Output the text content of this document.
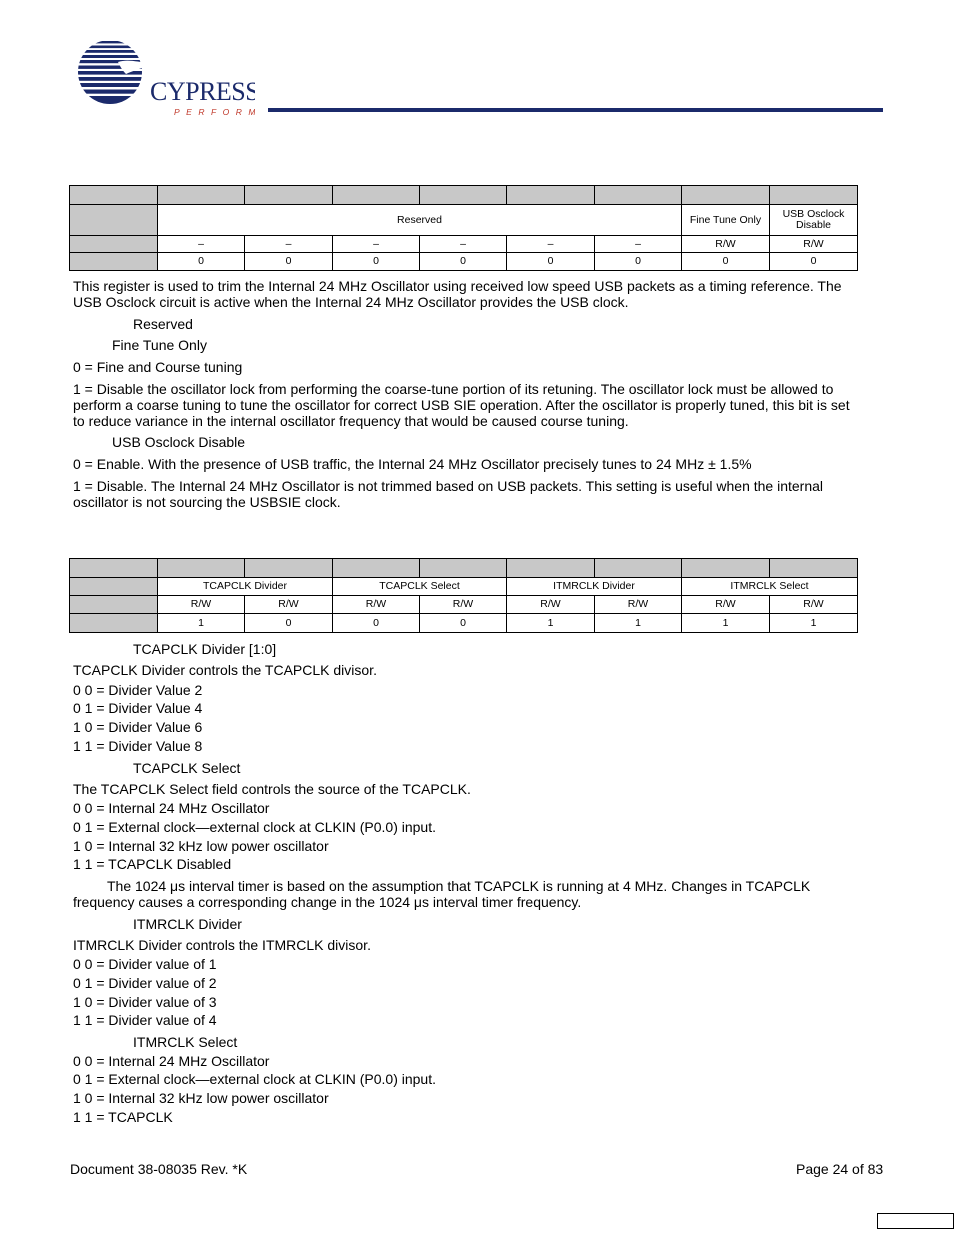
CYPRESS
PERFORM

	Reserved						Fine Tune Only	USB Osclock Disable
	–	–	–	–	–	–	R/W	R/W
	0	0	0	0	0	0	0	0
This register is used to trim the Internal 24 MHz Oscillator using received low speed USB packets as a timing reference. The USB Osclock circuit is active when the Internal 24 MHz Oscillator provides the USB clock.
Reserved
Fine Tune Only
0 = Fine and Course tuning
1 = Disable the oscillator lock from performing the coarse-tune portion of its retuning. The oscillator lock must be allowed to perform a coarse tuning to tune the oscillator for correct USB SIE operation. After the oscillator is properly tuned, this bit is set to reduce variance in the internal oscillator frequency that would be caused course tuning.
USB Osclock Disable
0 = Enable. With the presence of USB traffic, the Internal 24 MHz Oscillator precisely tunes to 24 MHz ± 1.5%
1 = Disable. The Internal 24 MHz Oscillator is not trimmed based on USB packets. This setting is useful when the internal oscillator is not sourcing the USBSIE clock.

	TCAPCLK Divider		TCAPCLK Select		ITMRCLK Divider		ITMRCLK Select	
	R/W	R/W	R/W	R/W	R/W	R/W	R/W	R/W
	1	0	0	0	1	1	1	1
TCAPCLK Divider [1:0]
TCAPCLK Divider controls the TCAPCLK divisor.
0 0 = Divider Value 2
0 1 = Divider Value 4
1 0 = Divider Value 6
1 1 = Divider Value 8
TCAPCLK Select
The TCAPCLK Select field controls the source of the TCAPCLK.
0 0 = Internal 24 MHz Oscillator
0 1 = External clock—external clock at CLKIN (P0.0) input.
1 0 = Internal 32 kHz low power oscillator
1 1 = TCAPCLK Disabled
The 1024 μs interval timer is based on the assumption that TCAPCLK is running at 4 MHz. Changes in TCAPCLK frequency causes a corresponding change in the 1024 μs interval timer frequency.
ITMRCLK Divider
ITMRCLK Divider controls the ITMRCLK divisor.
0 0 = Divider value of 1
0 1 = Divider value of 2
1 0 = Divider value of 3
1 1 = Divider value of 4
ITMRCLK Select
0 0 = Internal 24 MHz Oscillator
0 1 = External clock—external clock at CLKIN (P0.0) input.
1 0 = Internal 32 kHz low power oscillator
1 1 = TCAPCLK
Document 38-08035 Rev. *K	Page 24 of 83
